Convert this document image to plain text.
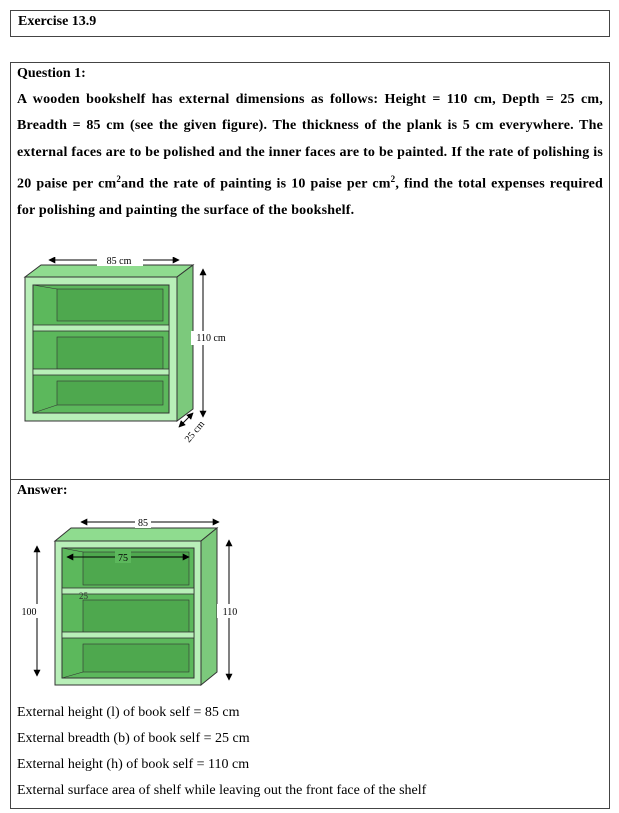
Exercise 13.9
Question 1:
A wooden bookshelf has external dimensions as follows: Height = 110 cm, Depth = 25 cm, Breadth = 85 cm (see the given figure). The thickness of the plank is 5 cm everywhere. The external faces are to be polished and the inner faces are to be painted. If the rate of polishing is 20 paise per $cm^2and$ the rate of painting is 10 paise per $cm^2$, find the total expenses required for polishing and painting the surface of the bookshelf.
85 cm
110 cm
25 cm
Answer:
85
75
25
100	110
External height (l) of book self = 85 cm
External breadth (b) of book self = 25 cm
External height (h) of book self = 110 cm
External surface area of shelf while leaving out the front face of the shelf
